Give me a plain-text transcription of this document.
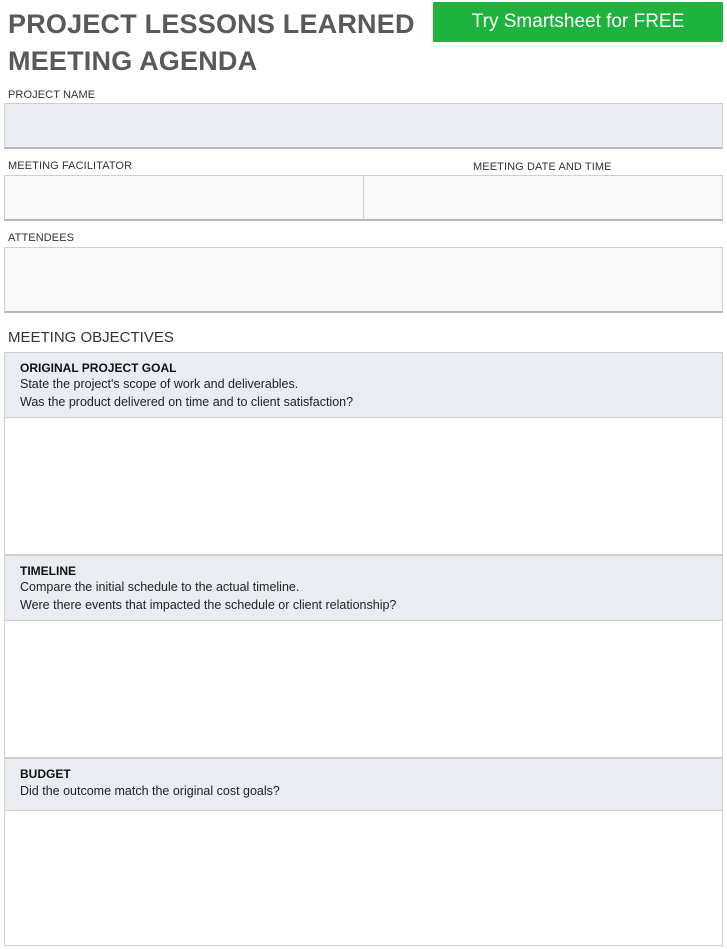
PROJECT LESSONS LEARNED
MEETING AGENDA
Try Smartsheet for FREE
PROJECT NAME
MEETING FACILITATOR	MEETING DATE AND TIME
ATTENDEES
MEETING OBJECTIVES
ORIGINAL PROJECT GOAL
State the project's scope of work and deliverables.
Was the product delivered on time and to client satisfaction?
TIMELINE
Compare the initial schedule to the actual timeline.
Were there events that impacted the schedule or client relationship?
BUDGET
Did the outcome match the original cost goals?
